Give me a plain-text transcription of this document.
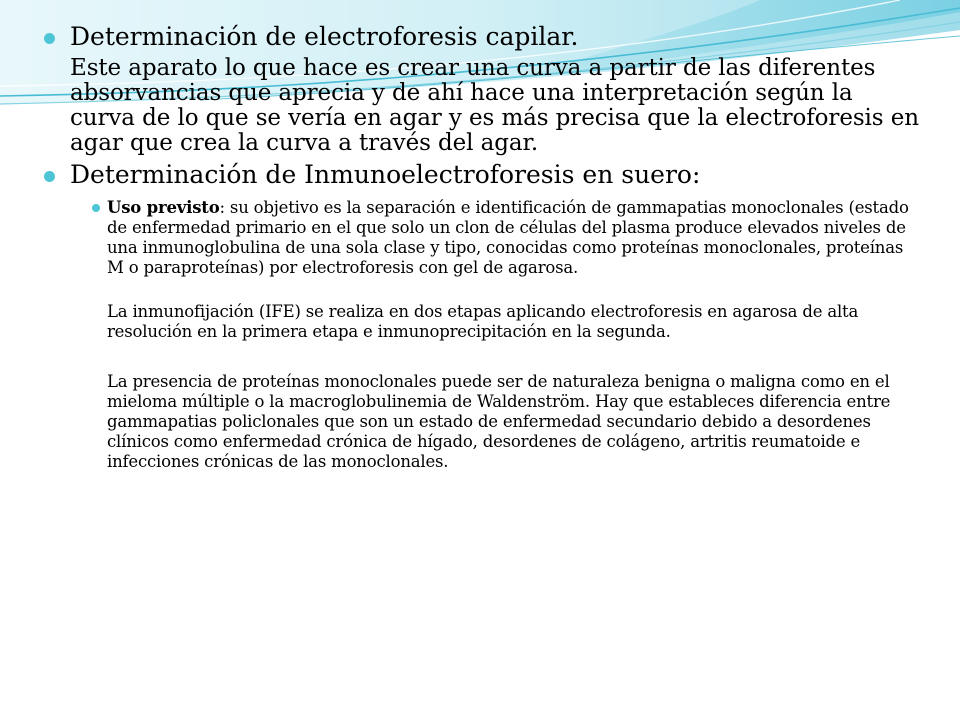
Determinación de electroforesis capilar.
Este aparato lo que hace es crear una curva a partir de las diferentes absorvancias que aprecia y de ahí hace una interpretación según la curva de lo que se vería en agar y es más precisa que la electroforesis en agar que crea la curva a través del agar.
Determinación de Inmunoelectroforesis en suero:
Uso previsto: su objetivo es la separación e identificación de gammapatias monoclonales (estado de enfermedad primario en el que solo un clon de células del plasma produce elevados niveles de una inmunoglobulina de una sola clase y tipo, conocidas como proteínas monoclonales, proteínas M o paraproteínas) por electroforesis con gel de agarosa.
La inmunofijación (IFE) se realiza en dos etapas aplicando electroforesis en agarosa de alta resolución en la primera etapa e inmunoprecipitación en la segunda.
La presencia de proteínas monoclonales puede ser de naturaleza benigna o maligna como en el mieloma múltiple o la macroglobulinemia de Waldenström. Hay que estableces diferencia entre gammapatias policlonales que son un estado de enfermedad secundario debido a desordenes clínicos como enfermedad crónica de hígado, desordenes de colágeno, artritis reumatoide e infecciones crónicas de las monoclonales.
